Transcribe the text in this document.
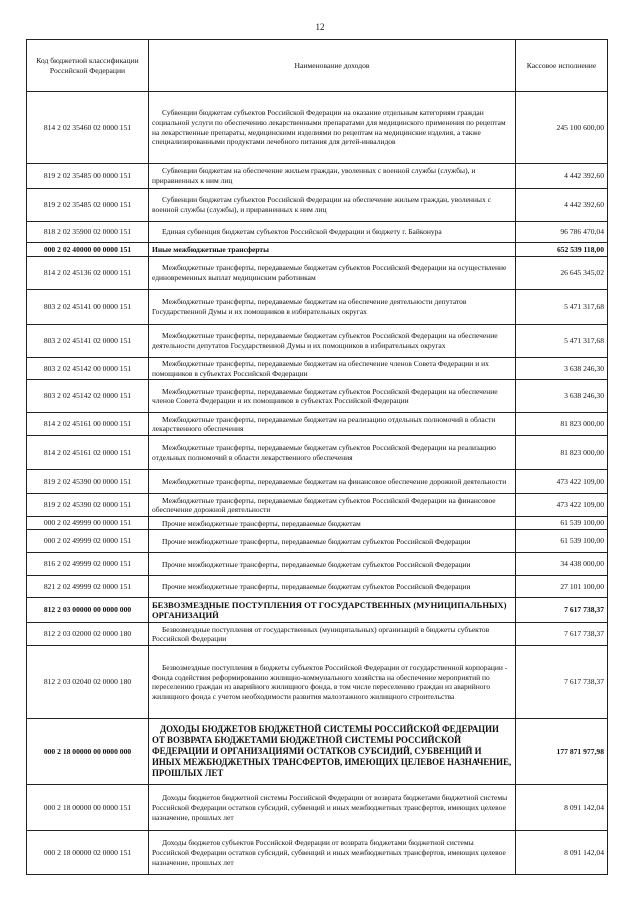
12
Код бюджетной классификации Российской Федерации	Наименование доходов	Кассовое исполнение
814 2 02 35460 02 0000 151	Субвенции бюджетам субъектов Российской Федерации на оказание отдельным категориям граждан социальной услуги по обеспечению лекарственными препаратами для медицинского применения по рецептам на лекарственные препараты, медицинскими изделиями по рецептам на медицинские изделия, а также специализированными продуктами лечебного питания для детей-инвалидов	245 100 600,00
819 2 02 35485 00 0000 151	Субвенции бюджетам на обеспечение жильем граждан, уволенных с военной службы (службы), и приравненных к ним лиц	4 442 392,60
819 2 02 35485 02 0000 151	Субвенции бюджетам субъектов Российской Федерации на обеспечение жильем граждан, уволенных с военной службы (службы), и приравненных к ним лиц	4 442 392,60
818 2 02 35900 02 0000 151	Единая субвенция бюджетам субъектов Российской Федерации и бюджету г. Байконура	96 786 470,04
000 2 02 40000 00 0000 151	Иные межбюджетные трансферты	652 539 118,00
814 2 02 45136 02 0000 151	Межбюджетные трансферты, передаваемые бюджетам субъектов Российской Федерации на осуществление единовременных выплат медицинским работникам	26 645 345,02
803 2 02 45141 00 0000 151	Межбюджетные трансферты, передаваемые бюджетам на обеспечение деятельности депутатов Государственной Думы и их помощников в избирательных округах	5 471 317,68
803 2 02 45141 02 0000 151	Межбюджетные трансферты, передаваемые бюджетам субъектов Российской Федерации на обеспечение деятельности депутатов Государственной Думы и их помощников в избирательных округах	5 471 317,68
803 2 02 45142 00 0000 151	Межбюджетные трансферты, передаваемые бюджетам на обеспечение членов Совета Федерации и их помощников в субъектах Российской Федерации	3 638 246,30
803 2 02 45142 02 0000 151	Межбюджетные трансферты, передаваемые бюджетам субъектов Российской Федерации на обеспечение членов Совета Федерации и их помощников в субъектах Российской Федерации	3 638 246,30
814 2 02 45161 00 0000 151	Межбюджетные трансферты, передаваемые бюджетам на реализацию отдельных полномочий в области лекарственного обеспечения	81 823 000,00
814 2 02 45161 02 0000 151	Межбюджетные трансферты, передаваемые бюджетам субъектов Российской Федерации на реализацию отдельных полномочий в области лекарственного обеспечения	81 823 000,00
819 2 02 45390 00 0000 151	Межбюджетные трансферты, передаваемые бюджетам на финансовое обеспечение дорожной деятельности	473 422 109,00
819 2 02 45390 02 0000 151	Межбюджетные трансферты, передаваемые бюджетам субъектов Российской Федерации на финансовое обеспечение дорожной деятельности	473 422 109,00
000 2 02 49999 00 0000 151	Прочие межбюджетные трансферты, передаваемые бюджетам	61 539 100,00
000 2 02 49999 02 0000 151	Прочие межбюджетные трансферты, передаваемые бюджетам субъектов Российской Федерации	61 539 100,00
816 2 02 49999 02 0000 151	Прочие межбюджетные трансферты, передаваемые бюджетам субъектов Российской Федерации	34 438 000,00
821 2 02 49999 02 0000 151	Прочие межбюджетные трансферты, передаваемые бюджетам субъектов Российской Федерации	27 101 100,00
812 2 03 00000 00 0000 000	БЕЗВОЗМЕЗДНЫЕ ПОСТУПЛЕНИЯ ОТ ГОСУДАРСТВЕННЫХ (МУНИЦИПАЛЬНЫХ) ОРГАНИЗАЦИЙ	7 617 738,37
812 2 03 02000 02 0000 180	Безвозмездные поступления от государственных (муниципальных) организаций в бюджеты субъектов Российской Федерации	7 617 738,37
812 2 03 02040 02 0000 180	Безвозмездные поступления в бюджеты субъектов Российской Федерации от государственной корпорации - Фонда содействия реформированию жилищно-коммунального хозяйства на обеспечение мероприятий по переселению граждан из аварийного жилищного фонда, в том числе переселению граждан из аварийного жилищного фонда с учетом необходимости развития малоэтажного жилищного строительства	7 617 738,37
000 2 18 00000 00 0000 000	ДОХОДЫ БЮДЖЕТОВ БЮДЖЕТНОЙ СИСТЕМЫ РОССИЙСКОЙ ФЕДЕРАЦИИ ОТ ВОЗВРАТА БЮДЖЕТАМИ БЮДЖЕТНОЙ СИСТЕМЫ РОССИЙСКОЙ ФЕДЕРАЦИИ И ОРГАНИЗАЦИЯМИ ОСТАТКОВ СУБСИДИЙ, СУБВЕНЦИЙ И ИНЫХ МЕЖБЮДЖЕТНЫХ ТРАНСФЕРТОВ, ИМЕЮЩИХ ЦЕЛЕВОЕ НАЗНАЧЕНИЕ, ПРОШЛЫХ ЛЕТ	177 871 977,98
000 2 18 00000 00 0000 151	Доходы бюджетов бюджетной системы Российской Федерации от возврата бюджетами бюджетной системы Российской Федерации остатков субсидий, субвенций и иных межбюджетных трансфертов, имеющих целевое назначение, прошлых лет	8 091 142,04
000 2 18 00000 02 0000 151	Доходы бюджетов субъектов Российской Федерации от возврата бюджетами бюджетной системы Российской Федерации остатков субсидий, субвенций и иных межбюджетных трансфертов, имеющих целевое назначение, прошлых лет	8 091 142,04
